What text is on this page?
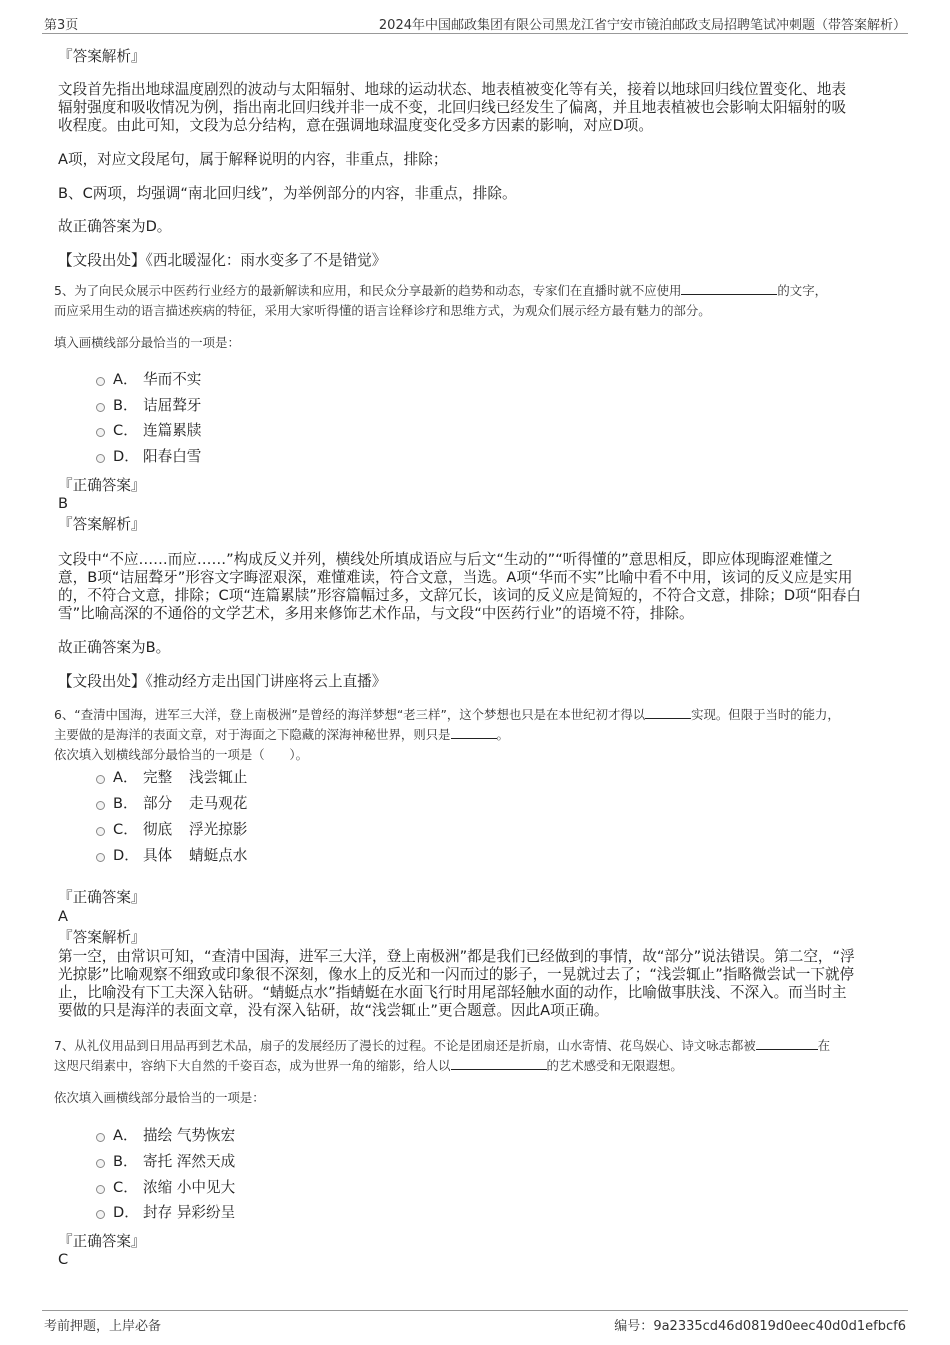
第3页	2024年中国邮政集团有限公司黑龙江省宁安市镜泊邮政支局招聘笔试冲刺题（带答案解析）
『答案解析』
文段首先指出地球温度剧烈的波动与太阳辐射、地球的运动状态、地表植被变化等有关，接着以地球回归线位置变化、地表
辐射强度和吸收情况为例，指出南北回归线并非一成不变，北回归线已经发生了偏离，并且地表植被也会影响太阳辐射的吸
收程度。由此可知，文段为总分结构，意在强调地球温度变化受多方因素的影响，对应D项。
A项，对应文段尾句，属于解释说明的内容，非重点，排除；
B、C两项，均强调“南北回归线”，为举例部分的内容，非重点，排除。
故正确答案为D。
【文段出处】《西北暖湿化：雨水变多了不是错觉》
5、为了向民众展示中医药行业经方的最新解读和应用，和民众分享最新的趋势和动态，专家们在直播时就不应使用	的文字，
而应采用生动的语言描述疾病的特征，采用大家听得懂的语言诠释诊疗和思维方式，为观众们展示经方最有魅力的部分。
填入画横线部分最恰当的一项是：
A． 华而不实
B． 诘屈聱牙
C． 连篇累牍
D． 阳春白雪
『正确答案』
B
『答案解析』
文段中“不应……而应……”构成反义并列，横线处所填成语应与后文“生动的”“听得懂的”意思相反，即应体现晦涩难懂之
意，B项“诘屈聱牙”形容文字晦涩艰深，难懂难读，符合文意，当选。A项“华而不实”比喻中看不中用，该词的反义应是实用
的，不符合文意，排除；C项“连篇累牍”形容篇幅过多，文辞冗长，该词的反义应是简短的，不符合文意，排除；D项“阳春白
雪”比喻高深的不通俗的文学艺术，多用来修饰艺术作品，与文段“中医药行业”的语境不符，排除。
故正确答案为B。
【文段出处】《推动经方走出国门讲座将云上直播》
6、“查清中国海，进军三大洋，登上南极洲”是曾经的海洋梦想“老三样”，这个梦想也只是在本世纪初才得以	实现。但限于当时的能力，
主要做的是海洋的表面文章，对于海面之下隐藏的深海神秘世界，则只是	。
依次填入划横线部分最恰当的一项是（　　）。
A． 完整	浅尝辄止
B． 部分	走马观花
C． 彻底	浮光掠影
D． 具体	蜻蜓点水
『正确答案』
A
『答案解析』
第一空，由常识可知，“查清中国海，进军三大洋，登上南极洲”都是我们已经做到的事情，故“部分”说法错误。第二空，“浮
光掠影”比喻观察不细致或印象很不深刻，像水上的反光和一闪而过的影子，一晃就过去了；“浅尝辄止”指略微尝试一下就停
止，比喻没有下工夫深入钻研。“蜻蜓点水”指蜻蜓在水面飞行时用尾部轻触水面的动作，比喻做事肤浅、不深入。而当时主
要做的只是海洋的表面文章，没有深入钻研，故“浅尝辄止”更合题意。因此A项正确。
7、从礼仪用品到日用品再到艺术品，扇子的发展经历了漫长的过程。不论是团扇还是折扇，山水寄情、花鸟娱心、诗文咏志都被	在
这咫尺绢素中，容纳下大自然的千姿百态，成为世界一角的缩影，给人以	的艺术感受和无限遐想。
依次填入画横线部分最恰当的一项是：
A． 描绘 气势恢宏
B． 寄托 浑然天成
C． 浓缩 小中见大
D． 封存 异彩纷呈
『正确答案』
C
考前押题，上岸必备	编号：9a2335cd46d0819d0eec40d0d1efbcf6
